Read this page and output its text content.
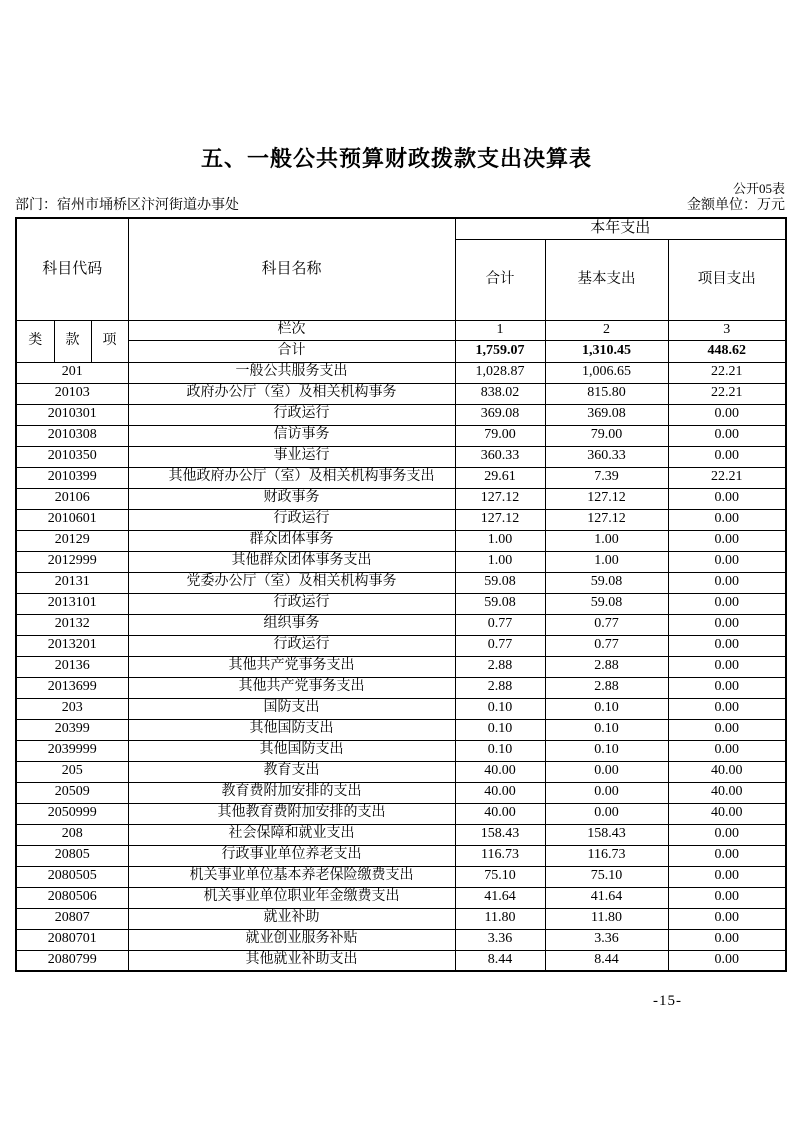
五、一般公共预算财政拨款支出决算表
公开05表
部门：宿州市埇桥区汴河街道办事处	金额单位：万元
科目代码			科目名称	本年支出		
				合计	基本支出	项目支出
类	款	项	栏次	1	2	3
			合计	1,759.07	1,310.45	448.62
201			一般公共服务支出	1,028.87	1,006.65	22.21
20103			政府办公厅（室）及相关机构事务	838.02	815.80	22.21
2010301			行政运行	369.08	369.08	0.00
2010308			信访事务	79.00	79.00	0.00
2010350			事业运行	360.33	360.33	0.00
2010399			其他政府办公厅（室）及相关机构事务支出	29.61	7.39	22.21
20106			财政事务	127.12	127.12	0.00
2010601			行政运行	127.12	127.12	0.00
20129			群众团体事务	1.00	1.00	0.00
2012999			其他群众团体事务支出	1.00	1.00	0.00
20131			党委办公厅（室）及相关机构事务	59.08	59.08	0.00
2013101			行政运行	59.08	59.08	0.00
20132			组织事务	0.77	0.77	0.00
2013201			行政运行	0.77	0.77	0.00
20136			其他共产党事务支出	2.88	2.88	0.00
2013699			其他共产党事务支出	2.88	2.88	0.00
203			国防支出	0.10	0.10	0.00
20399			其他国防支出	0.10	0.10	0.00
2039999			其他国防支出	0.10	0.10	0.00
205			教育支出	40.00	0.00	40.00
20509			教育费附加安排的支出	40.00	0.00	40.00
2050999			其他教育费附加安排的支出	40.00	0.00	40.00
208			社会保障和就业支出	158.43	158.43	0.00
20805			行政事业单位养老支出	116.73	116.73	0.00
2080505			机关事业单位基本养老保险缴费支出	75.10	75.10	0.00
2080506			机关事业单位职业年金缴费支出	41.64	41.64	0.00
20807			就业补助	11.80	11.80	0.00
2080701			就业创业服务补贴	3.36	3.36	0.00
2080799			其他就业补助支出	8.44	8.44	0.00
-15-
